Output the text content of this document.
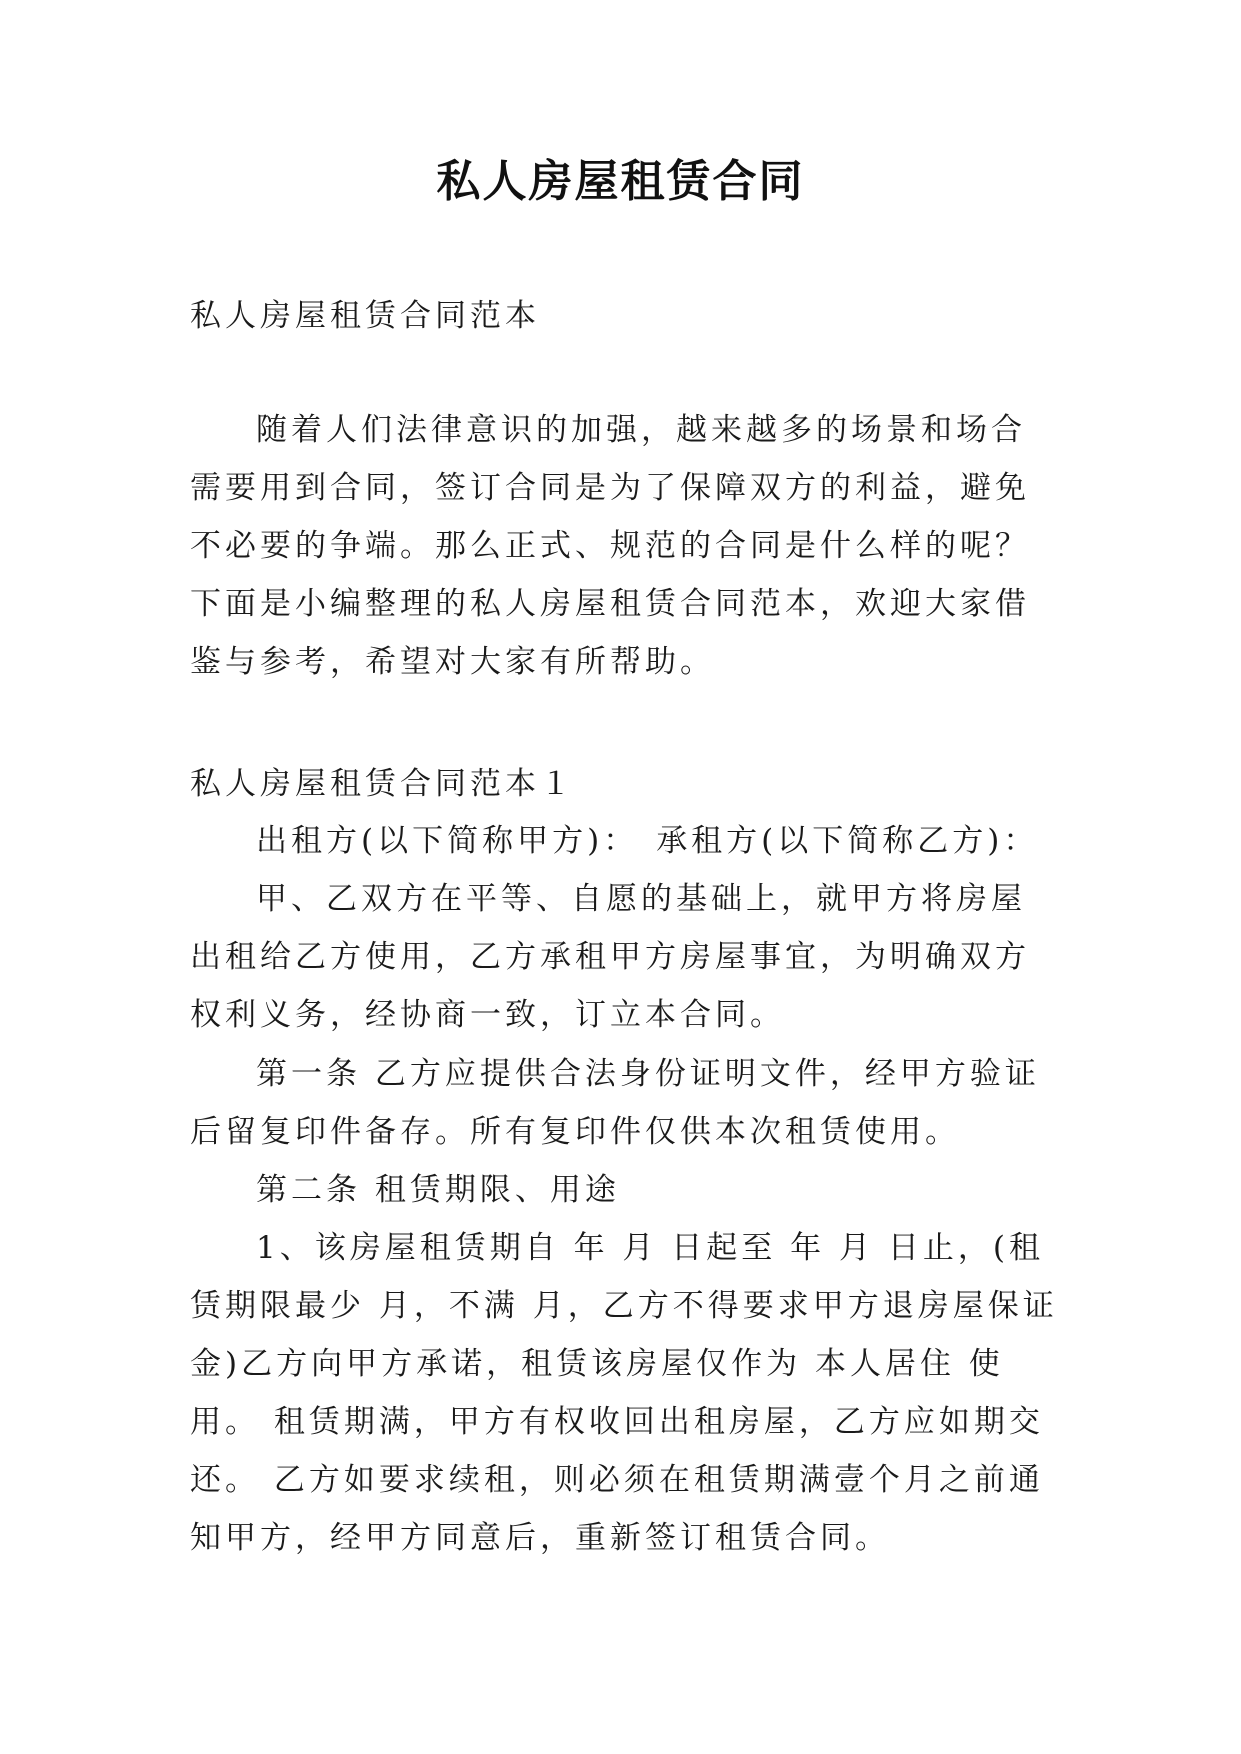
私人房屋租赁合同

私人房屋租赁合同范本

随着人们法律意识的加强，越来越多的场景和场合需要用到合同，签订合同是为了保障双方的利益，避免不必要的争端。那么正式、规范的合同是什么样的呢？下面是小编整理的私人房屋租赁合同范本，欢迎大家借鉴与参考，希望对大家有所帮助。

私人房屋租赁合同范本１

出租方(以下简称甲方)： 承租方(以下简称乙方)：

甲、乙双方在平等、自愿的基础上，就甲方将房屋出租给乙方使用，乙方承租甲方房屋事宜，为明确双方权利义务，经协商一致，订立本合同。

第一条 乙方应提供合法身份证明文件，经甲方验证后留复印件备存。所有复印件仅供本次租赁使用。

第二条 租赁期限、用途

1、该房屋租赁期自 年 月 日起至 年 月 日止，(租赁期限最少 月，不满 月，乙方不得要求甲方退房屋保证金)乙方向甲方承诺，租赁该房屋仅作为 本人居住 使用。 租赁期满，甲方有权收回出租房屋，乙方应如期交还。 乙方如要求续租，则必须在租赁期满壹个月之前通知甲方，经甲方同意后，重新签订租赁合同。
